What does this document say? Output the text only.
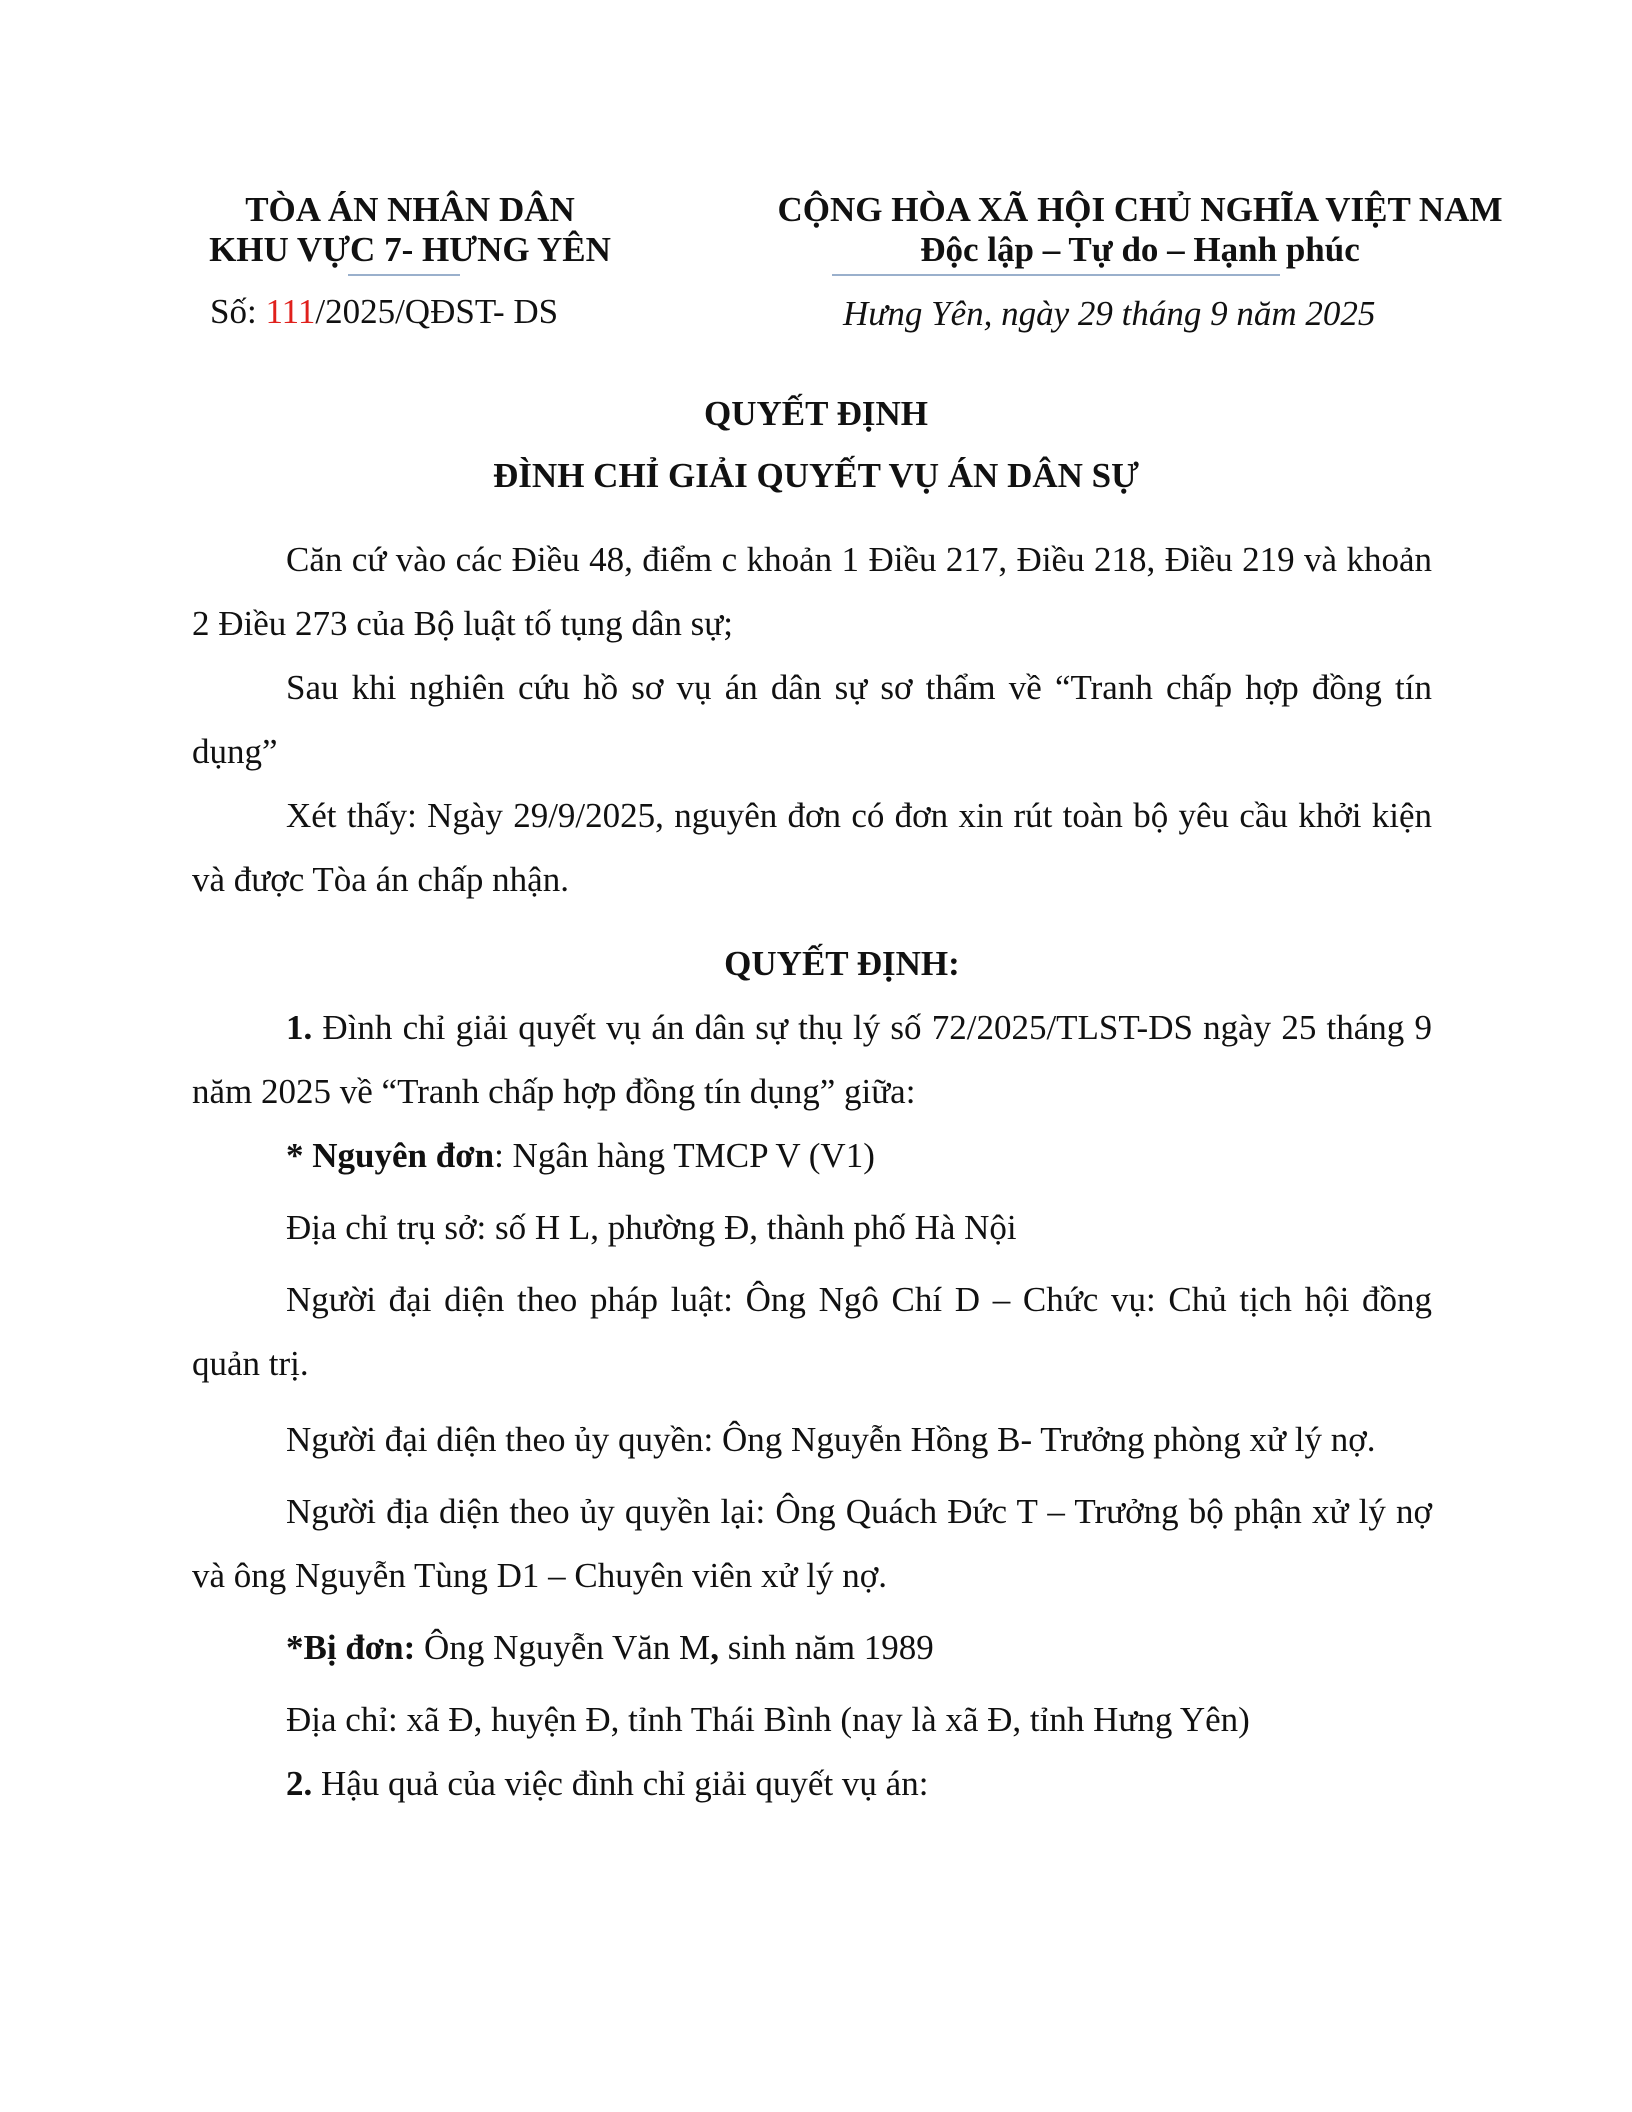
TÒA ÁN NHÂN DÂN
KHU VỰC 7- HƯNG YÊN
CỘNG HÒA XÃ HỘI CHỦ NGHĨA VIỆT NAM
Độc lập – Tự do – Hạnh phúc
Số: 111/2025/QĐST- DS	Hưng Yên, ngày 29 tháng 9 năm 2025
QUYẾT ĐỊNH
ĐÌNH CHỈ GIẢI QUYẾT VỤ ÁN DÂN SỰ

Căn cứ vào các Điều 48, điểm c khoản 1 Điều 217, Điều 218, Điều 219 và khoản 2 Điều 273 của Bộ luật tố tụng dân sự;

Sau khi nghiên cứu hồ sơ vụ án dân sự sơ thẩm về “Tranh chấp hợp đồng tín dụng”

Xét thấy: Ngày 29/9/2025, nguyên đơn có đơn xin rút toàn bộ yêu cầu khởi kiện và được Tòa án chấp nhận.

QUYẾT ĐỊNH:

1. Đình chỉ giải quyết vụ án dân sự thụ lý số 72/2025/TLST-DS ngày 25 tháng 9 năm 2025 về “Tranh chấp hợp đồng tín dụng” giữa:

* Nguyên đơn: Ngân hàng TMCP V (V1)

Địa chỉ trụ sở: số H L, phường Đ, thành phố Hà Nội

Người đại diện theo pháp luật: Ông Ngô Chí D – Chức vụ: Chủ tịch hội đồng quản trị.

Người đại diện theo ủy quyền: Ông Nguyễn Hồng B- Trưởng phòng xử lý nợ.

Người địa diện theo ủy quyền lại: Ông Quách Đức T – Trưởng bộ phận xử lý nợ và ông Nguyễn Tùng D1 – Chuyên viên xử lý nợ.

*Bị đơn: Ông Nguyễn Văn M, sinh năm 1989

Địa chỉ: xã Đ, huyện Đ, tỉnh Thái Bình (nay là xã Đ, tỉnh Hưng Yên)

2. Hậu quả của việc đình chỉ giải quyết vụ án:
